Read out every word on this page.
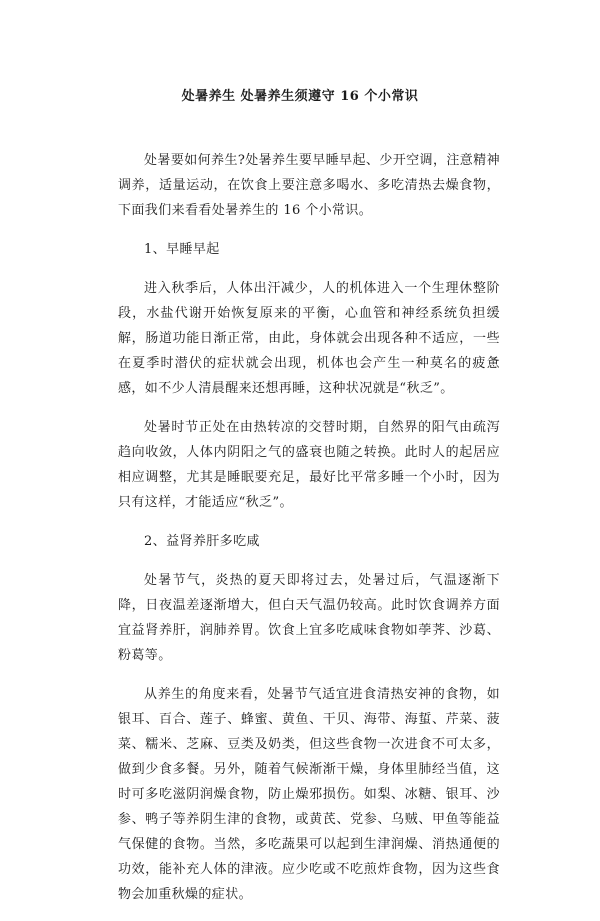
处暑养生 处暑养生须遵守 16 个小常识

处暑要如何养生?处暑养生要早睡早起、少开空调，注意精神调养，适量运动，在饮食上要注意多喝水、多吃清热去燥食物，下面我们来看看处暑养生的 16 个小常识。

1、早睡早起

进入秋季后，人体出汗减少，人的机体进入一个生理休整阶段，水盐代谢开始恢复原来的平衡，心血管和神经系统负担缓解，肠道功能日渐正常，由此，身体就会出现各种不适应，一些在夏季时潜伏的症状就会出现，机体也会产生一种莫名的疲惫感，如不少人清晨醒来还想再睡，这种状况就是“秋乏”。

处暑时节正处在由热转凉的交替时期，自然界的阳气由疏泻趋向收敛，人体内阴阳之气的盛衰也随之转换。此时人的起居应相应调整，尤其是睡眠要充足，最好比平常多睡一个小时，因为只有这样，才能适应“秋乏”。

2、益肾养肝多吃咸

处暑节气，炎热的夏天即将过去，处暑过后，气温逐渐下降，日夜温差逐渐增大，但白天气温仍较高。此时饮食调养方面宜益肾养肝，润肺养胃。饮食上宜多吃咸味食物如荸荠、沙葛、粉葛等。

从养生的角度来看，处暑节气适宜进食清热安神的食物，如银耳、百合、莲子、蜂蜜、黄鱼、干贝、海带、海蜇、芹菜、菠菜、糯米、芝麻、豆类及奶类，但这些食物一次进食不可太多，做到少食多餐。另外，随着气候渐渐干燥，身体里肺经当值，这时可多吃滋阴润燥食物，防止燥邪损伤。如梨、冰糖、银耳、沙参、鸭子等养阴生津的食物，或黄芪、党参、乌贼、甲鱼等能益气保健的食物。当然，多吃蔬果可以起到生津润燥、消热通便的功效，能补充人体的津液。应少吃或不吃煎炸食物，因为这些食物会加重秋燥的症状。
